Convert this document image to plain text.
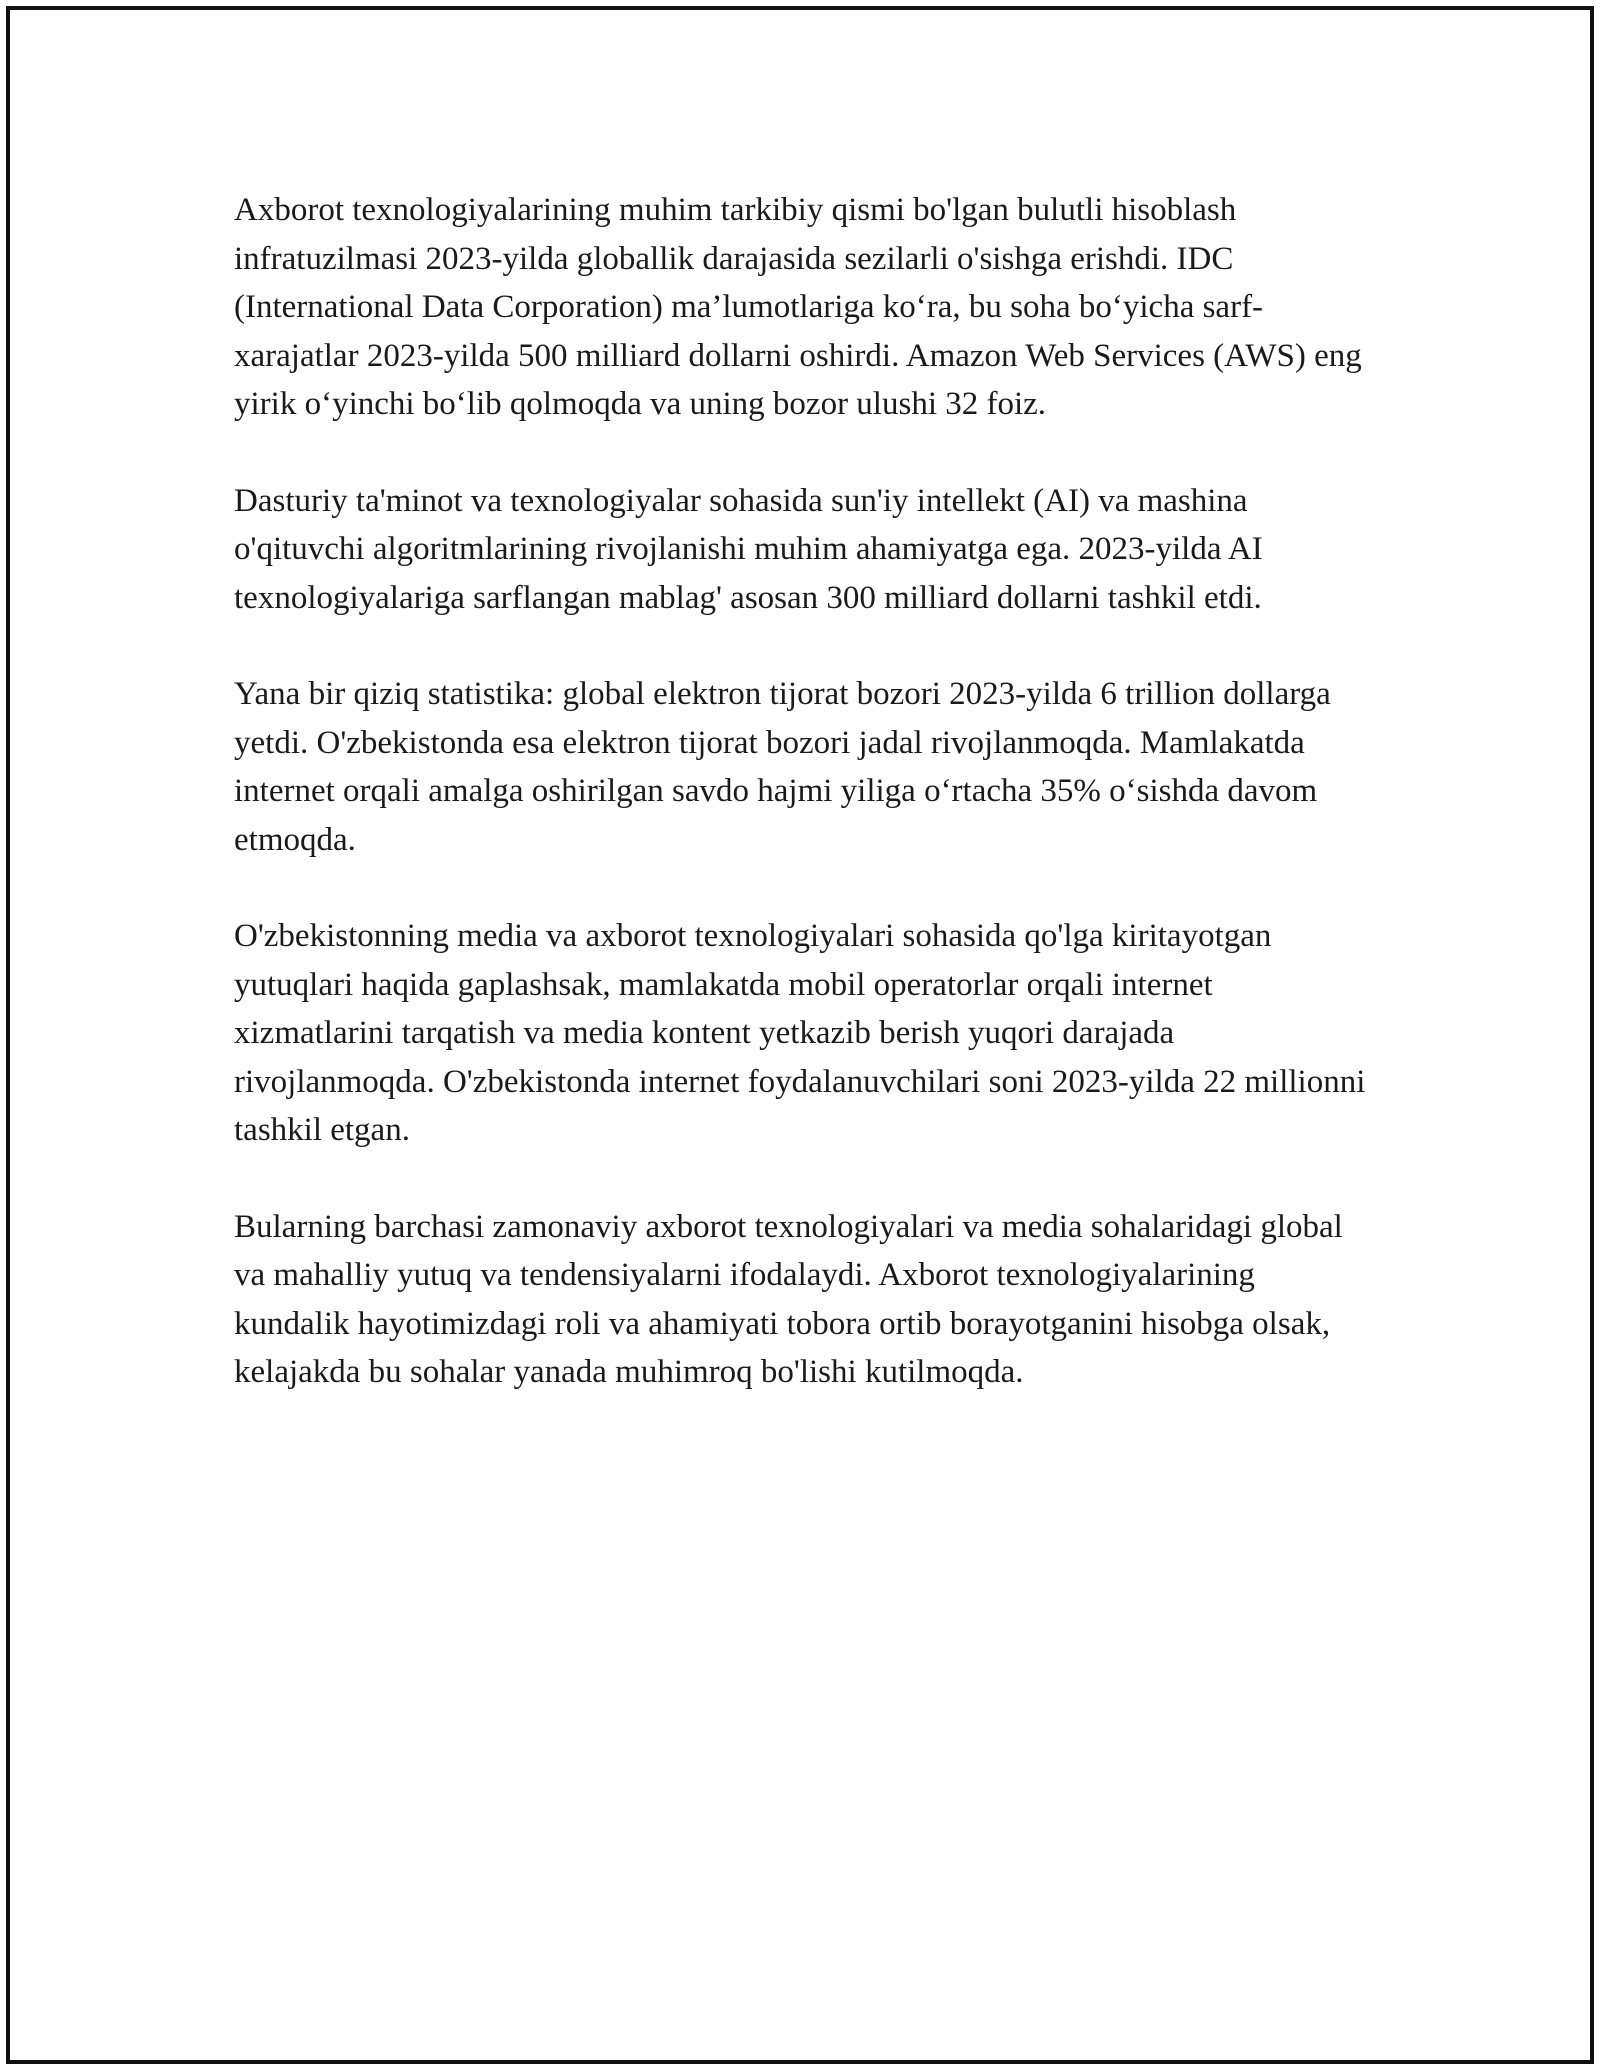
Axborot texnologiyalarining muhim tarkibiy qismi bo'lgan bulutli hisoblash infratuzilmasi 2023-yilda globallik darajasida sezilarli o'sishga erishdi. IDC (International Data Corporation) ma’lumotlariga ko‘ra, bu soha bo‘yicha sarf-xarajatlar 2023-yilda 500 milliard dollarni oshirdi. Amazon Web Services (AWS) eng yirik o‘yinchi bo‘lib qolmoqda va uning bozor ulushi 32 foiz.

Dasturiy ta'minot va texnologiyalar sohasida sun'iy intellekt (AI) va mashina o'qituvchi algoritmlarining rivojlanishi muhim ahamiyatga ega. 2023-yilda AI texnologiyalariga sarflangan mablag' asosan 300 milliard dollarni tashkil etdi.

Yana bir qiziq statistika: global elektron tijorat bozori 2023-yilda 6 trillion dollarga yetdi. O'zbekistonda esa elektron tijorat bozori jadal rivojlanmoqda. Mamlakatda internet orqali amalga oshirilgan savdo hajmi yiliga o‘rtacha 35% o‘sishda davom etmoqda.

O'zbekistonning media va axborot texnologiyalari sohasida qo'lga kiritayotgan yutuqlari haqida gaplashsak, mamlakatda mobil operatorlar orqali internet xizmatlarini tarqatish va media kontent yetkazib berish yuqori darajada rivojlanmoqda. O'zbekistonda internet foydalanuvchilari soni 2023-yilda 22 millionni tashkil etgan.

Bularning barchasi zamonaviy axborot texnologiyalari va media sohalaridagi global va mahalliy yutuq va tendensiyalarni ifodalaydi. Axborot texnologiyalarining kundalik hayotimizdagi roli va ahamiyati tobora ortib borayotganini hisobga olsak, kelajakda bu sohalar yanada muhimroq bo'lishi kutilmoqda.
